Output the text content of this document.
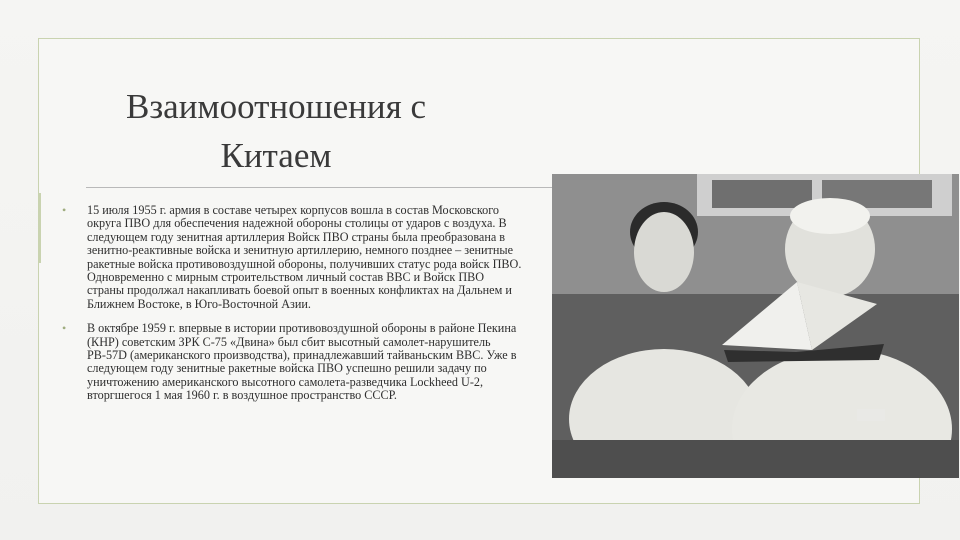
Взаимоотношения с
Китаем
• 15 июля 1955 г. армия в составе четырех корпусов вошла в состав Московского округа ПВО для обеспечения надежной обороны столицы от ударов с воздуха. В следующем году зенитная артиллерия Войск ПВО страны была преобразована в зенитно-реактивные войска и зенитную артиллерию, немного позднее – зенитные ракетные войска противовоздушной обороны, получивших статус рода войск ПВО. Одновременно с мирным строительством личный состав ВВС и Войск ПВО страны продолжал накапливать боевой опыт в военных конфликтах на Дальнем и Ближнем Востоке, в Юго-Восточной Азии.
• В октябре 1959 г. впервые в истории противовоздушной обороны в районе Пекина (КНР) советским ЗРК С-75 «Двина» был сбит высотный самолет-нарушитель РВ-57D (американского производства), принадлежавший тайваньским ВВС. Уже в следующем году зенитные ракетные войска ПВО успешно решили задачу по уничтожению американского высотного самолета-разведчика Lockheed U-2, вторгшегося 1 мая 1960 г. в воздушное пространство СССР.
